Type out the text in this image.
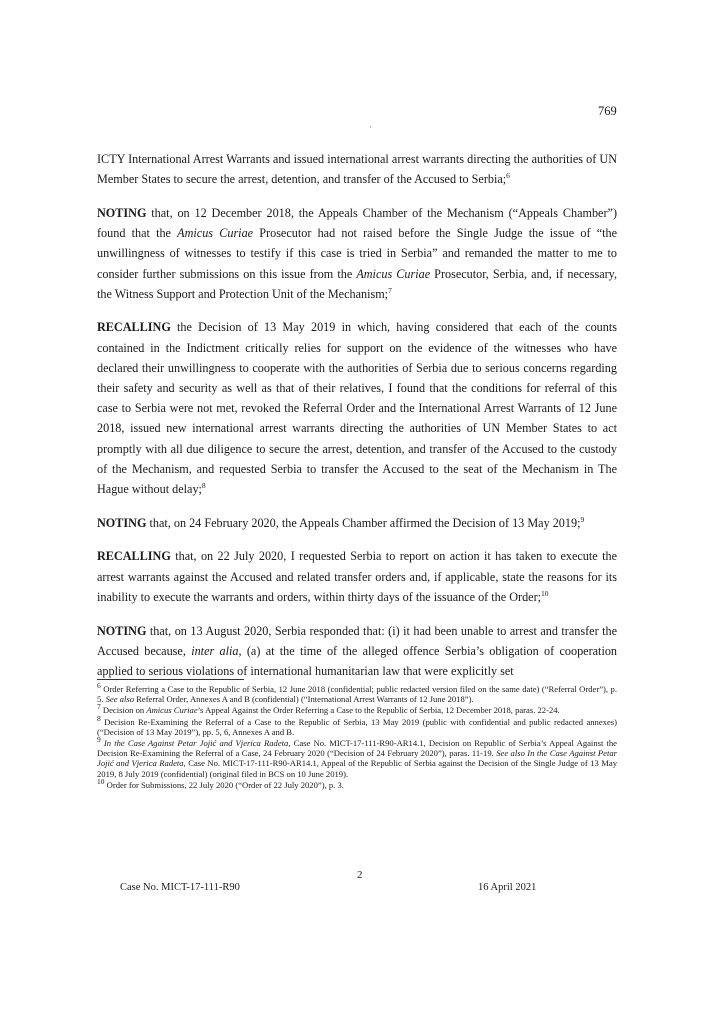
769
·

ICTY International Arrest Warrants and issued international arrest warrants directing the authorities of UN Member States to secure the arrest, detention, and transfer of the Accused to Serbia;$^6$

NOTING that, on 12 December 2018, the Appeals Chamber of the Mechanism (“Appeals Chamber”) found that the Amicus Curiae Prosecutor had not raised before the Single Judge the issue of “the unwillingness of witnesses to testify if this case is tried in Serbia” and remanded the matter to me to consider further submissions on this issue from the Amicus Curiae Prosecutor, Serbia, and, if necessary, the Witness Support and Protection Unit of the Mechanism;$^7$

RECALLING the Decision of 13 May 2019 in which, having considered that each of the counts contained in the Indictment critically relies for support on the evidence of the witnesses who have declared their unwillingness to cooperate with the authorities of Serbia due to serious concerns regarding their safety and security as well as that of their relatives, I found that the conditions for referral of this case to Serbia were not met, revoked the Referral Order and the International Arrest Warrants of 12 June 2018, issued new international arrest warrants directing the authorities of UN Member States to act promptly with all due diligence to secure the arrest, detention, and transfer of the Accused to the custody of the Mechanism, and requested Serbia to transfer the Accused to the seat of the Mechanism in The Hague without delay;$^8$

NOTING that, on 24 February 2020, the Appeals Chamber affirmed the Decision of 13 May 2019;$^9$

RECALLING that, on 22 July 2020, I requested Serbia to report on action it has taken to execute the arrest warrants against the Accused and related transfer orders and, if applicable, state the reasons for its inability to execute the warrants and orders, within thirty days of the issuance of the Order;$^{10}$

NOTING that, on 13 August 2020, Serbia responded that: (i) it had been unable to arrest and transfer the Accused because, inter alia, (a) at the time of the alleged offence Serbia’s obligation of cooperation applied to serious violations of international humanitarian law that were explicitly set

$^6$ Order Referring a Case to the Republic of Serbia, 12 June 2018 (confidential; public redacted version filed on the same date) (“Referral Order”), p. 5. See also Referral Order, Annexes A and B (confidential) (“International Arrest Warrants of 12 June 2018”).
$^7$ Decision on Amicus Curiae’s Appeal Against the Order Referring a Case to the Republic of Serbia, 12 December 2018, paras. 22-24.
$^8$ Decision Re-Examining the Referral of a Case to the Republic of Serbia, 13 May 2019 (public with confidential and public redacted annexes) (“Decision of 13 May 2019”), pp. 5, 6, Annexes A and B.
$^9$ In the Case Against Petar Jojić and Vjerica Radeta, Case No. MICT-17-111-R90-AR14.1, Decision on Republic of Serbia’s Appeal Against the Decision Re-Examining the Referral of a Case, 24 February 2020 (“Decision of 24 February 2020”), paras. 11-19. See also In the Case Against Petar Jojić and Vjerica Radeta, Case No. MICT-17-111-R90-AR14.1, Appeal of the Republic of Serbia against the Decision of the Single Judge of 13 May 2019, 8 July 2019 (confidential) (original filed in BCS on 10 June 2019).
$^{10}$ Order for Submissions, 22 July 2020 (“Order of 22 July 2020”), p. 3.
2
Case No. MICT-17-111-R90	16 April 2021
